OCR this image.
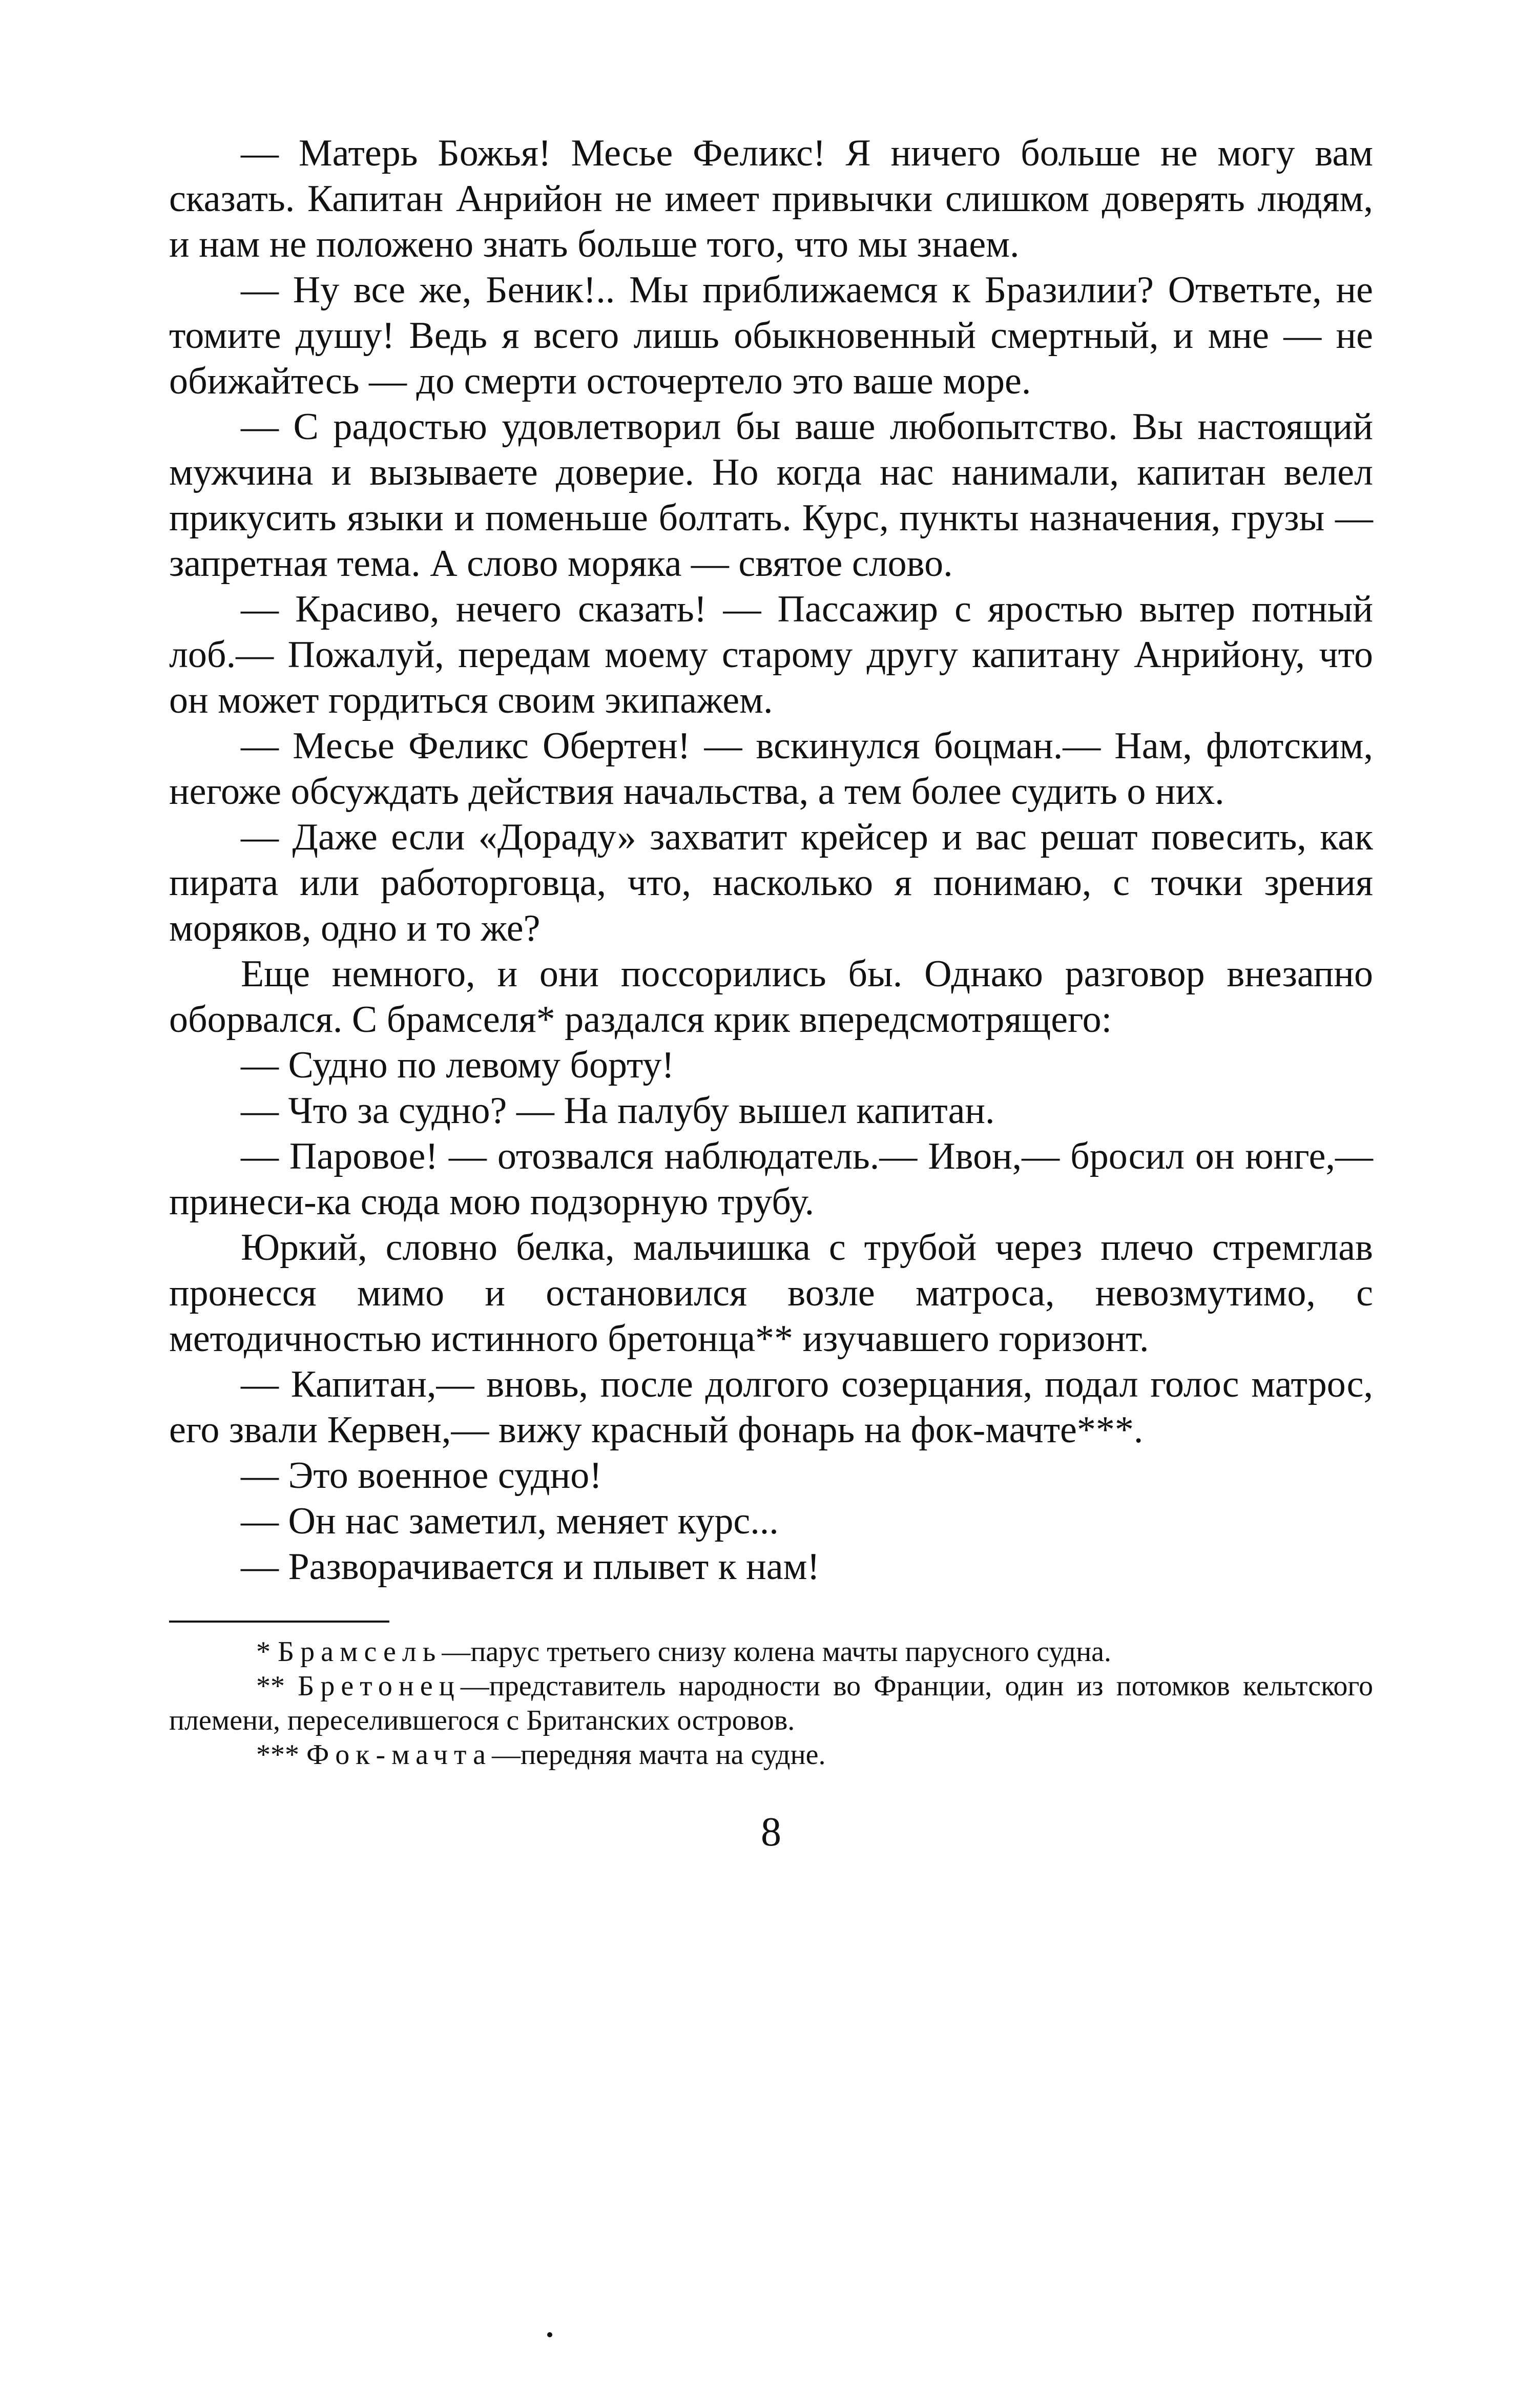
— Матерь Божья! Месье Феликс! Я ничего больше не могу вам сказать. Капитан Анрийон не имеет привычки слишком доверять людям, и нам не положено знать больше того, что мы знаем.

— Ну все же, Беник!.. Мы приближаемся к Бразилии? Ответьте, не томите душу! Ведь я всего лишь обыкновенный смертный, и мне — не обижайтесь — до смерти осточертело это ваше море.

— С радостью удовлетворил бы ваше любопытство. Вы настоящий мужчина и вызываете доверие. Но когда нас нанимали, капитан велел прикусить языки и поменьше болтать. Курс, пункты назначения, грузы — запретная тема. А слово моряка — святое слово.

— Красиво, нечего сказать! — Пассажир с яростью вытер потный лоб.— Пожалуй, передам моему старому другу капитану Анрийону, что он может гордиться своим экипажем.

— Месье Феликс Обертен! — вскинулся боцман.— Нам, флотским, негоже обсуждать действия начальства, а тем более судить о них.

— Даже если «Дораду» захватит крейсер и вас решат повесить, как пирата или работорговца, что, насколько я понимаю, с точки зрения моряков, одно и то же?

Еще немного, и они поссорились бы. Однако разговор внезапно оборвался. С брамселя* раздался крик впередсмотрящего:

— Судно по левому борту!

— Что за судно? — На палубу вышел капитан.

— Паровое! — отозвался наблюдатель.— Ивон,— бросил он юнге,— принеси-ка сюда мою подзорную трубу.

Юркий, словно белка, мальчишка с трубой через плечо стремглав пронесся мимо и остановился возле матроса, невозмутимо, с методичностью истинного бретонца** изучавшего горизонт.

— Капитан,— вновь, после долгого созерцания, подал голос матрос, его звали Кервен,— вижу красный фонарь на фок-мачте***.

— Это военное судно!

— Он нас заметил, меняет курс...

— Разворачивается и плывет к нам!

* Брамсель—парус третьего снизу колена мачты парусного судна.

** Бретонец—представитель народности во Франции, один из потомков кельтского племени, переселившегося с Британских островов.

*** Фок-мачта—передняя мачта на судне.

8
